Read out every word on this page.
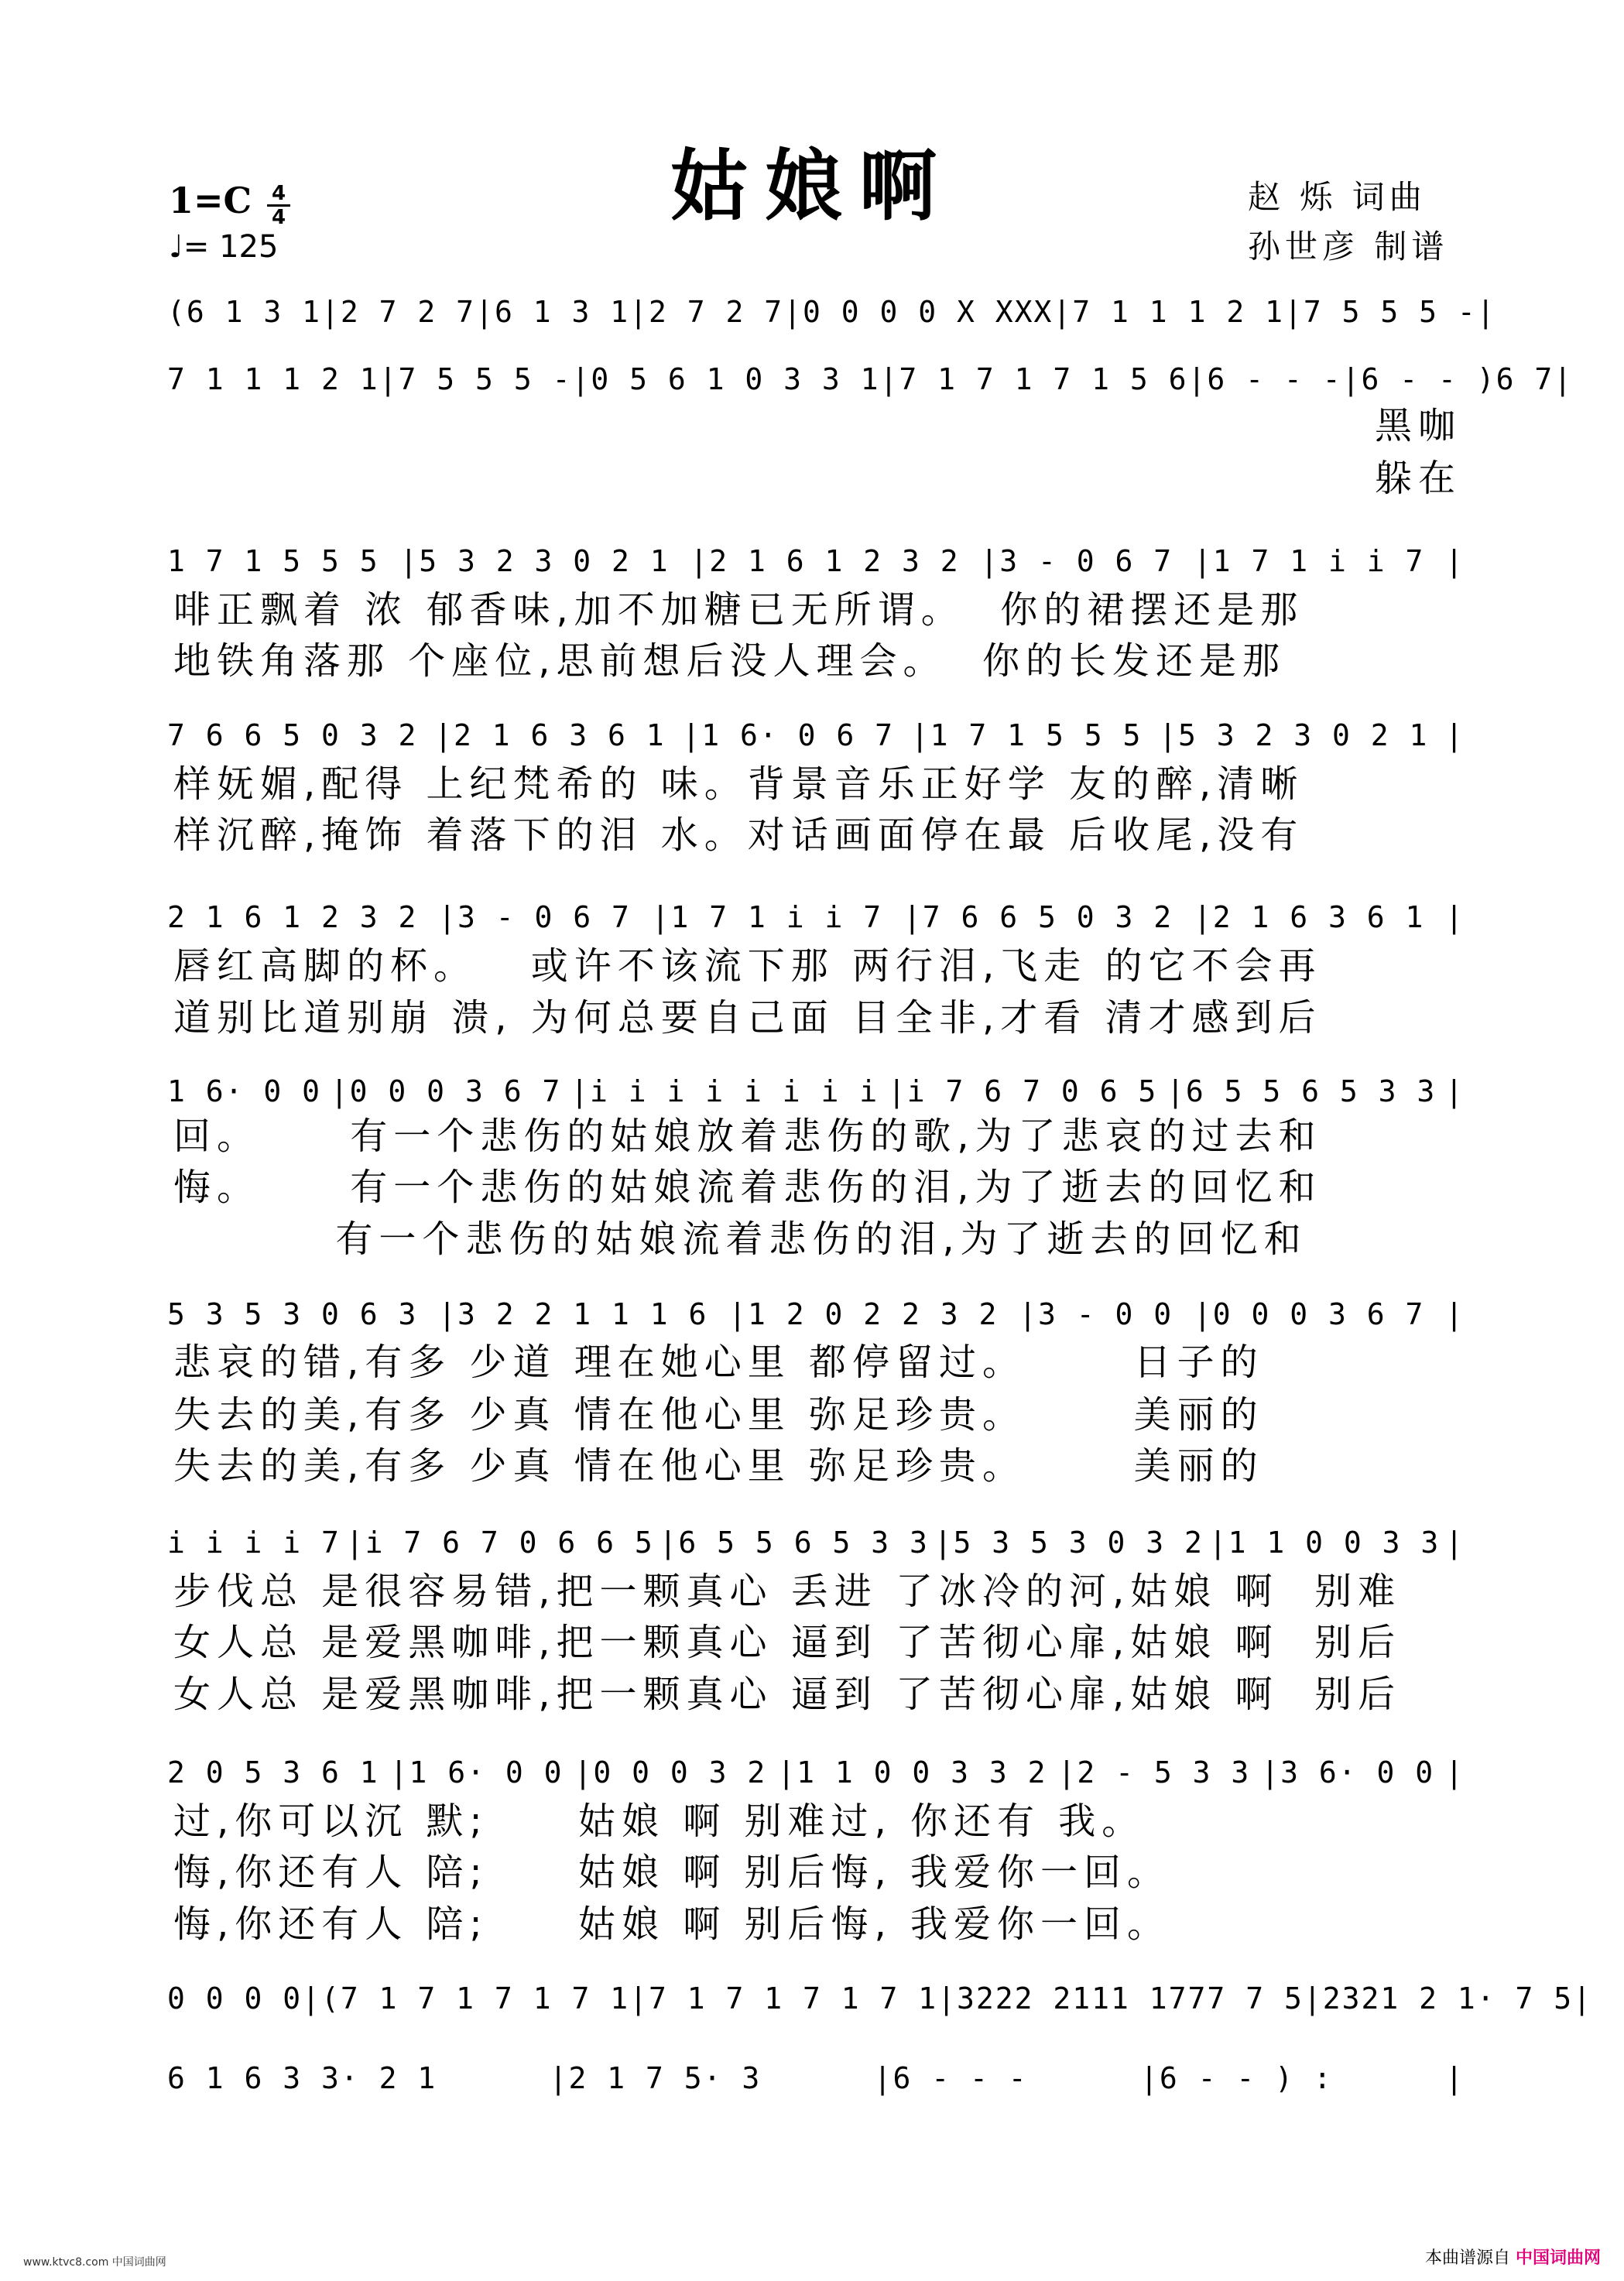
姑娘啊
1=C 4
4
♩= 125
赵 烁 词曲
孙世彦 制谱
(6 1 3 1 |2 7 2 7 |6 1 3 1 |2 7 2 7 |0 0 0 0 X XXX |7 1 1 1 2 1 |7 5 5 5 - |
7 1 1 1 2 1 |7 5 5 5 - |0 5 6 1 0 3 3 1 |7 1 7 1 7 1 5 6 |6 - - - |6 - - )6 7 |
黑咖
躲在
1 7 1 5 5 5 |5 3 2 3 0 2 1 |2 1 6 1 2 3 2 |3 - 0 6 7 |1 7 1 i i 7 |
啡正飘着 浓 郁香味,加不加糖已无所谓。  你的裙摆还是那
地铁角落那 个座位,思前想后没人理会。  你的长发还是那
7 6 6 5 0 3 2 |2 1 6 3 6 1 |1 6· 0 6 7 |1 7 1 5 5 5 |5 3 2 3 0 2 1 |
样妩媚,配得 上纪梵希的 味。背景音乐正好学 友的醉,清晰
样沉醉,掩饰 着落下的泪 水。对话画面停在最 后收尾,没有
2 1 6 1 2 3 2 |3 - 0 6 7 |1 7 1 i i 7 |7 6 6 5 0 3 2 |2 1 6 3 6 1 |
唇红高脚的杯。   或许不该流下那 两行泪,飞走 的它不会再
道别比道别崩 溃, 为何总要自己面 目全非,才看 清才感到后
1 6· 0 0 |0 0 0 3 6 7 |i i i i i i i i |i 7 6 7 0 6 5 |6 5 5 6 5 3 3 |
回。     有一个悲伤的姑娘放着悲伤的歌,为了悲哀的过去和
悔。     有一个悲伤的姑娘流着悲伤的泪,为了逝去的回忆和
有一个悲伤的姑娘流着悲伤的泪,为了逝去的回忆和
5 3 5 3 0 6 3 |3 2 2 1 1 1 6 |1 2 0 2 2 3 2 |3 - 0 0 |0 0 0 3 6 7 |
悲哀的错,有多 少道 理在她心里 都停留过。      日子的
失去的美,有多 少真 情在他心里 弥足珍贵。      美丽的
失去的美,有多 少真 情在他心里 弥足珍贵。      美丽的
i i i i 7 |i 7 6 7 0 6 6 5 |6 5 5 6 5 3 3 |5 3 5 3 0 3 2 |1 1 0 0 3 3 |
步伐总 是很容易错,把一颗真心 丢进 了冰冷的河,姑娘 啊  别难
女人总 是爱黑咖啡,把一颗真心 逼到 了苦彻心扉,姑娘 啊  别后
女人总 是爱黑咖啡,把一颗真心 逼到 了苦彻心扉,姑娘 啊  别后
2 0 5 3 6 1 |1 6· 0 0 |0 0 0 3 2 |1 1 0 0 3 3 2 |2 - 5 3 3 |3 6· 0 0 |
过,你可以沉 默;     姑娘 啊 别难过, 你还有 我。
悔,你还有人 陪;     姑娘 啊 别后悔, 我爱你一回。
悔,你还有人 陪;     姑娘 啊 别后悔, 我爱你一回。
0 0 0 0 |(7 1 7 1 7 1 7 1 |7 1 7 1 7 1 7 1 |3222 2111 1777 7 5 |2321 2 1· 7 5 |
6 1 6 3 3· 2 1	|2 1 7 5· 3	|6 - - -	|6 - - ) :	|
www.ktvc8.com 中国词曲网	本曲谱源自 中国词曲网
